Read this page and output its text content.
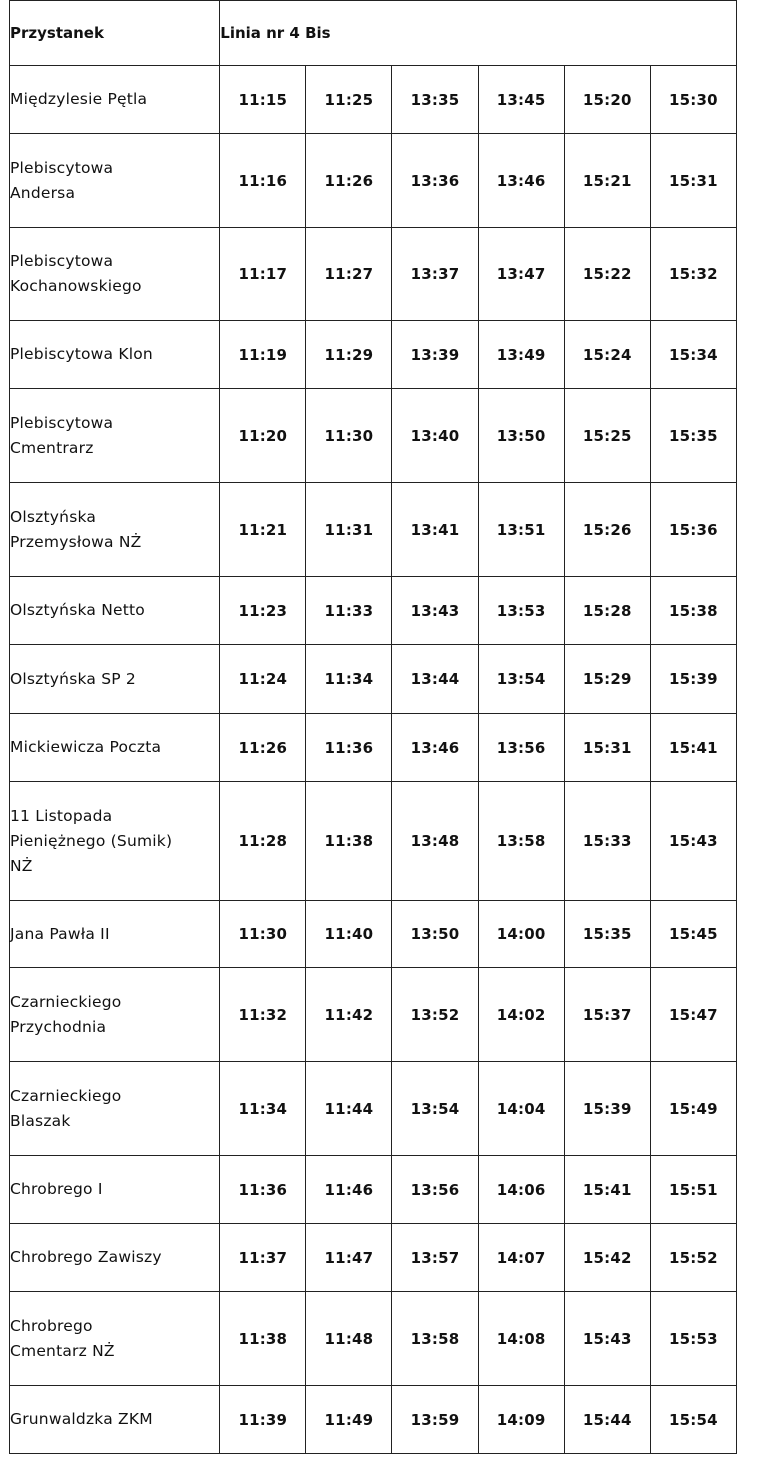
Przystanek	Linia nr 4 Bis					
Międzylesie Pętla	11:15	11:25	13:35	13:45	15:20	15:30
Plebiscytowa
Andersa	11:16	11:26	13:36	13:46	15:21	15:31
Plebiscytowa
Kochanowskiego	11:17	11:27	13:37	13:47	15:22	15:32
Plebiscytowa Klon	11:19	11:29	13:39	13:49	15:24	15:34
Plebiscytowa
Cmentrarz	11:20	11:30	13:40	13:50	15:25	15:35
Olsztyńska
Przemysłowa NŻ	11:21	11:31	13:41	13:51	15:26	15:36
Olsztyńska Netto	11:23	11:33	13:43	13:53	15:28	15:38
Olsztyńska SP 2	11:24	11:34	13:44	13:54	15:29	15:39
Mickiewicza Poczta	11:26	11:36	13:46	13:56	15:31	15:41
11 Listopada
Pieniężnego (Sumik)
NŻ	11:28	11:38	13:48	13:58	15:33	15:43
Jana Pawła II	11:30	11:40	13:50	14:00	15:35	15:45
Czarnieckiego
Przychodnia	11:32	11:42	13:52	14:02	15:37	15:47
Czarnieckiego
Blaszak	11:34	11:44	13:54	14:04	15:39	15:49
Chrobrego I	11:36	11:46	13:56	14:06	15:41	15:51
Chrobrego Zawiszy	11:37	11:47	13:57	14:07	15:42	15:52
Chrobrego
Cmentarz NŻ	11:38	11:48	13:58	14:08	15:43	15:53
Grunwaldzka ZKM	11:39	11:49	13:59	14:09	15:44	15:54
